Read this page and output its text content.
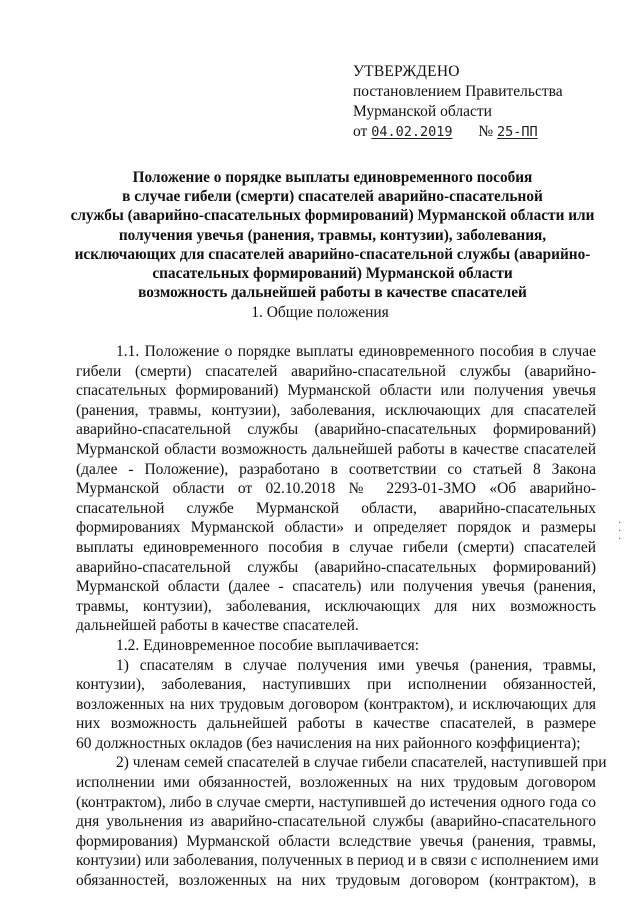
УТВЕРЖДЕНО
постановлением Правительства
Мурманской области
от 04.02.2019 № 25-ПП
Положение о порядке выплаты единовременного пособия
в случае гибели (смерти) спасателей аварийно-спасательной
службы (аварийно-спасательных формирований) Мурманской области или
получения увечья (ранения, травмы, контузии), заболевания,
исключающих для спасателей аварийно-спасательной службы (аварийно-
спасательных формирований) Мурманской области
возможность дальнейшей работы в качестве спасателей
1. Общие положения
1.1. Положение о порядке выплаты единовременного пособия в случае
гибели (смерти) спасателей аварийно-спасательной службы (аварийно-
спасательных формирований) Мурманской области или получения увечья
(ранения, травмы, контузии), заболевания, исключающих для спасателей
аварийно-спасательной службы (аварийно-спасательных формирований)
Мурманской области возможность дальнейшей работы в качестве спасателей
(далее - Положение), разработано в соответствии со статьей 8 Закона
Мурманской области от 02.10.2018 № 2293-01-ЗМО «Об аварийно-
спасательной службе Мурманской области, аварийно-спасательных
формированиях Мурманской области» и определяет порядок и размеры
выплаты единовременного пособия в случае гибели (смерти) спасателей
аварийно-спасательной службы (аварийно-спасательных формирований)
Мурманской области (далее - спасатель) или получения увечья (ранения,
травмы, контузии), заболевания, исключающих для них возможность
дальнейшей работы в качестве спасателей.
1.2. Единовременное пособие выплачивается:
1) спасателям в случае получения ими увечья (ранения, травмы,
контузии), заболевания, наступивших при исполнении обязанностей,
возложенных на них трудовым договором (контрактом), и исключающих для
них возможность дальнейшей работы в качестве спасателей, в размере
60 должностных окладов (без начисления на них районного коэффициента);
2) членам семей спасателей в случае гибели спасателей, наступившей при
исполнении ими обязанностей, возложенных на них трудовым договором
(контрактом), либо в случае смерти, наступившей до истечения одного года со
дня увольнения из аварийно-спасательной службы (аварийно-спасательного
формирования) Мурманской области вследствие увечья (ранения, травмы,
контузии) или заболевания, полученных в период и в связи с исполнением ими
обязанностей, возложенных на них трудовым договором (контрактом), в
·
·
·
